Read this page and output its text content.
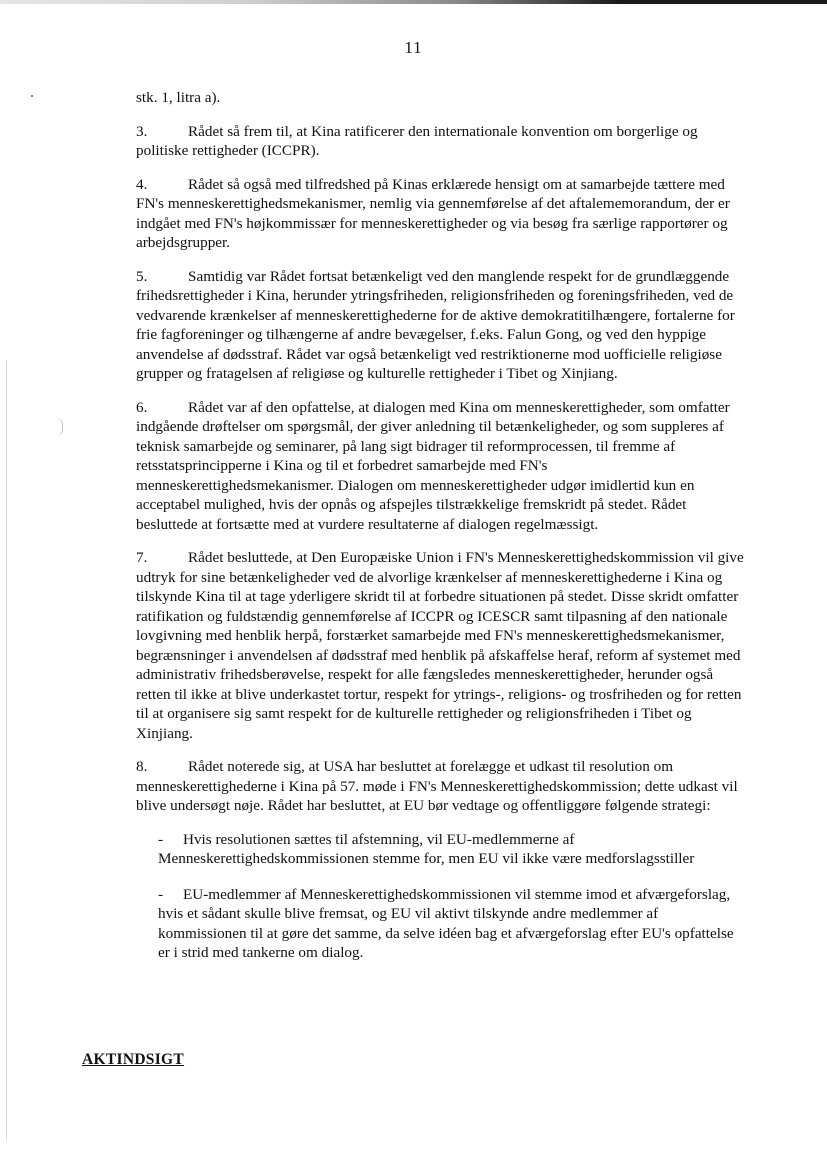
11

stk. 1, litra a).

3.	Rådet så frem til, at Kina ratificerer den internationale konvention om borgerlige og politiske rettigheder (ICCPR).

4.	Rådet så også med tilfredshed på Kinas erklærede hensigt om at samarbejde tættere med FN's menneskerettighedsmekanismer, nemlig via gennemførelse af det aftalememorandum, der er indgået med FN's højkommissær for menneskerettigheder og via besøg fra særlige rapportører og arbejdsgrupper.

5.	Samtidig var Rådet fortsat betænkeligt ved den manglende respekt for de grundlæggende frihedsrettigheder i Kina, herunder ytringsfriheden, religionsfriheden og foreningsfriheden, ved de vedvarende krænkelser af menneskerettighederne for de aktive demokratitilhængere, fortalerne for frie fagforeninger og tilhængerne af andre bevægelser, f.eks. Falun Gong, og ved den hyppige anvendelse af dødsstraf. Rådet var også betænkeligt ved restriktionerne mod uofficielle religiøse grupper og fratagelsen af religiøse og kulturelle rettigheder i Tibet og Xinjiang.

6.	Rådet var af den opfattelse, at dialogen med Kina om menneskerettigheder, som omfatter indgående drøftelser om spørgsmål, der giver anledning til betænkeligheder, og som suppleres af teknisk samarbejde og seminarer, på lang sigt bidrager til reformprocessen, til fremme af retsstatsprincipperne i Kina og til et forbedret samarbejde med FN's menneskerettighedsmekanismer. Dialogen om menneskerettigheder udgør imidlertid kun en acceptabel mulighed, hvis der opnås og afspejles tilstrækkelige fremskridt på stedet. Rådet besluttede at fortsætte med at vurdere resultaterne af dialogen regelmæssigt.

7.	Rådet besluttede, at Den Europæiske Union i FN's Menneskerettighedskommission vil give udtryk for sine betænkeligheder ved de alvorlige krænkelser af menneskerettighederne i Kina og tilskynde Kina til at tage yderligere skridt til at forbedre situationen på stedet. Disse skridt omfatter ratifikation og fuldstændig gennemførelse af ICCPR og ICESCR samt tilpasning af den nationale lovgivning med henblik herpå, forstærket samarbejde med FN's menneskerettighedsmekanismer, begrænsninger i anvendelsen af dødsstraf med henblik på afskaffelse heraf, reform af systemet med administrativ frihedsberøvelse, respekt for alle fængsledes menneskerettigheder, herunder også retten til ikke at blive underkastet tortur, respekt for ytrings-, religions- og trosfriheden og for retten til at organisere sig samt respekt for de kulturelle rettigheder og religionsfriheden i Tibet og Xinjiang.

8.	Rådet noterede sig, at USA har besluttet at forelægge et udkast til resolution om menneskerettighederne i Kina på 57. møde i FN's Menneskerettighedskommission; dette udkast vil blive undersøgt nøje. Rådet har besluttet, at EU bør vedtage og offentliggøre følgende strategi:

- Hvis resolutionen sættes til afstemning, vil EU-medlemmerne af Menneskerettighedskommissionen stemme for, men EU vil ikke være medforslagsstiller

- EU-medlemmer af Menneskerettighedskommissionen vil stemme imod et afværgeforslag, hvis et sådant skulle blive fremsat, og EU vil aktivt tilskynde andre medlemmer af kommissionen til at gøre det samme, da selve idéen bag et afværgeforslag efter EU's opfattelse er i strid med tankerne om dialog.

AKTINDSIGT
